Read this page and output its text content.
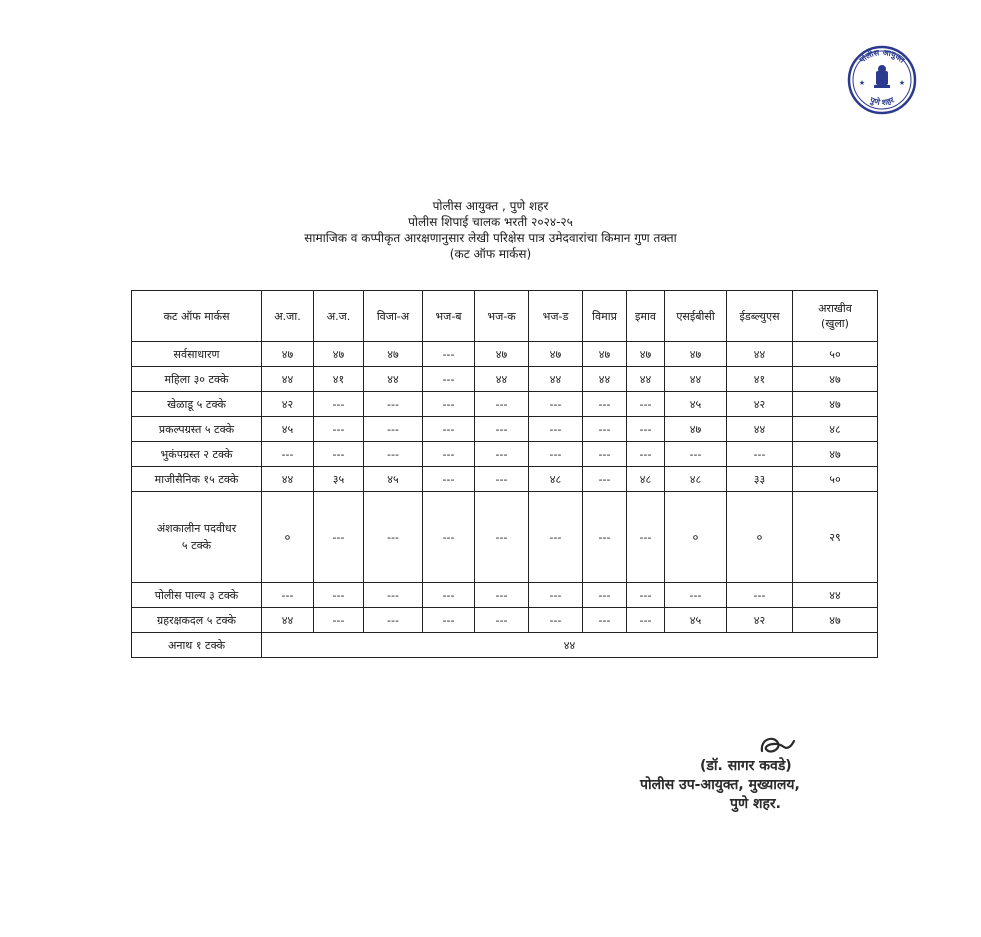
पोलीस आयुक्त
पुणे शहर
★	★
पोलीस आयुक्त , पुणे शहर
पोलीस शिपाई चालक भरती २०२४-२५
सामाजिक व कप्पीकृत आरक्षणानुसार लेखी परिक्षेस पात्र उमेदवारांचा किमान गुण तक्ता
(कट ऑफ मार्कस)
कट ऑफ मार्कस	अ.जा.	अ.ज.	विजा-अ	भज-ब	भज-क	भज-ड	विमाप्र	इमाव	एसईबीसी	ईडब्ल्युएस	अराखीव
(खुला)

सर्वसाधारण	४७	४७	४७	---	४७	४७	४७	४७	४७	४४	५०
महिला ३० टक्के	४४	४१	४४	---	४४	४४	४४	४४	४४	४१	४७
खेळाडू ५ टक्के	४२	---	---	---	---	---	---	---	४५	४२	४७
प्रकल्पग्रस्त ५ टक्के	४५	---	---	---	---	---	---	---	४७	४४	४८
भुकंपग्रस्त २ टक्के	---	---	---	---	---	---	---	---	---	---	४७
माजीसैनिक १५ टक्के	४४	३५	४५	---	---	४८	---	४८	४८	३३	५०

अंशकालीन पदवीधर
५ टक्के	०	---	---	---	---	---	---	---	०	०	२९
पोलीस पाल्य ३ टक्के	---	---	---	---	---	---	---	---	---	---	४४
ग्रहरक्षकदल ५ टक्के	४४	---	---	---	---	---	---	---	४५	४२	४७
अनाथ १ टक्के	४४										
(डॉ. सागर कवडे)
पोलीस उप-आयुक्त, मुख्यालय,
पुणे शहर.
